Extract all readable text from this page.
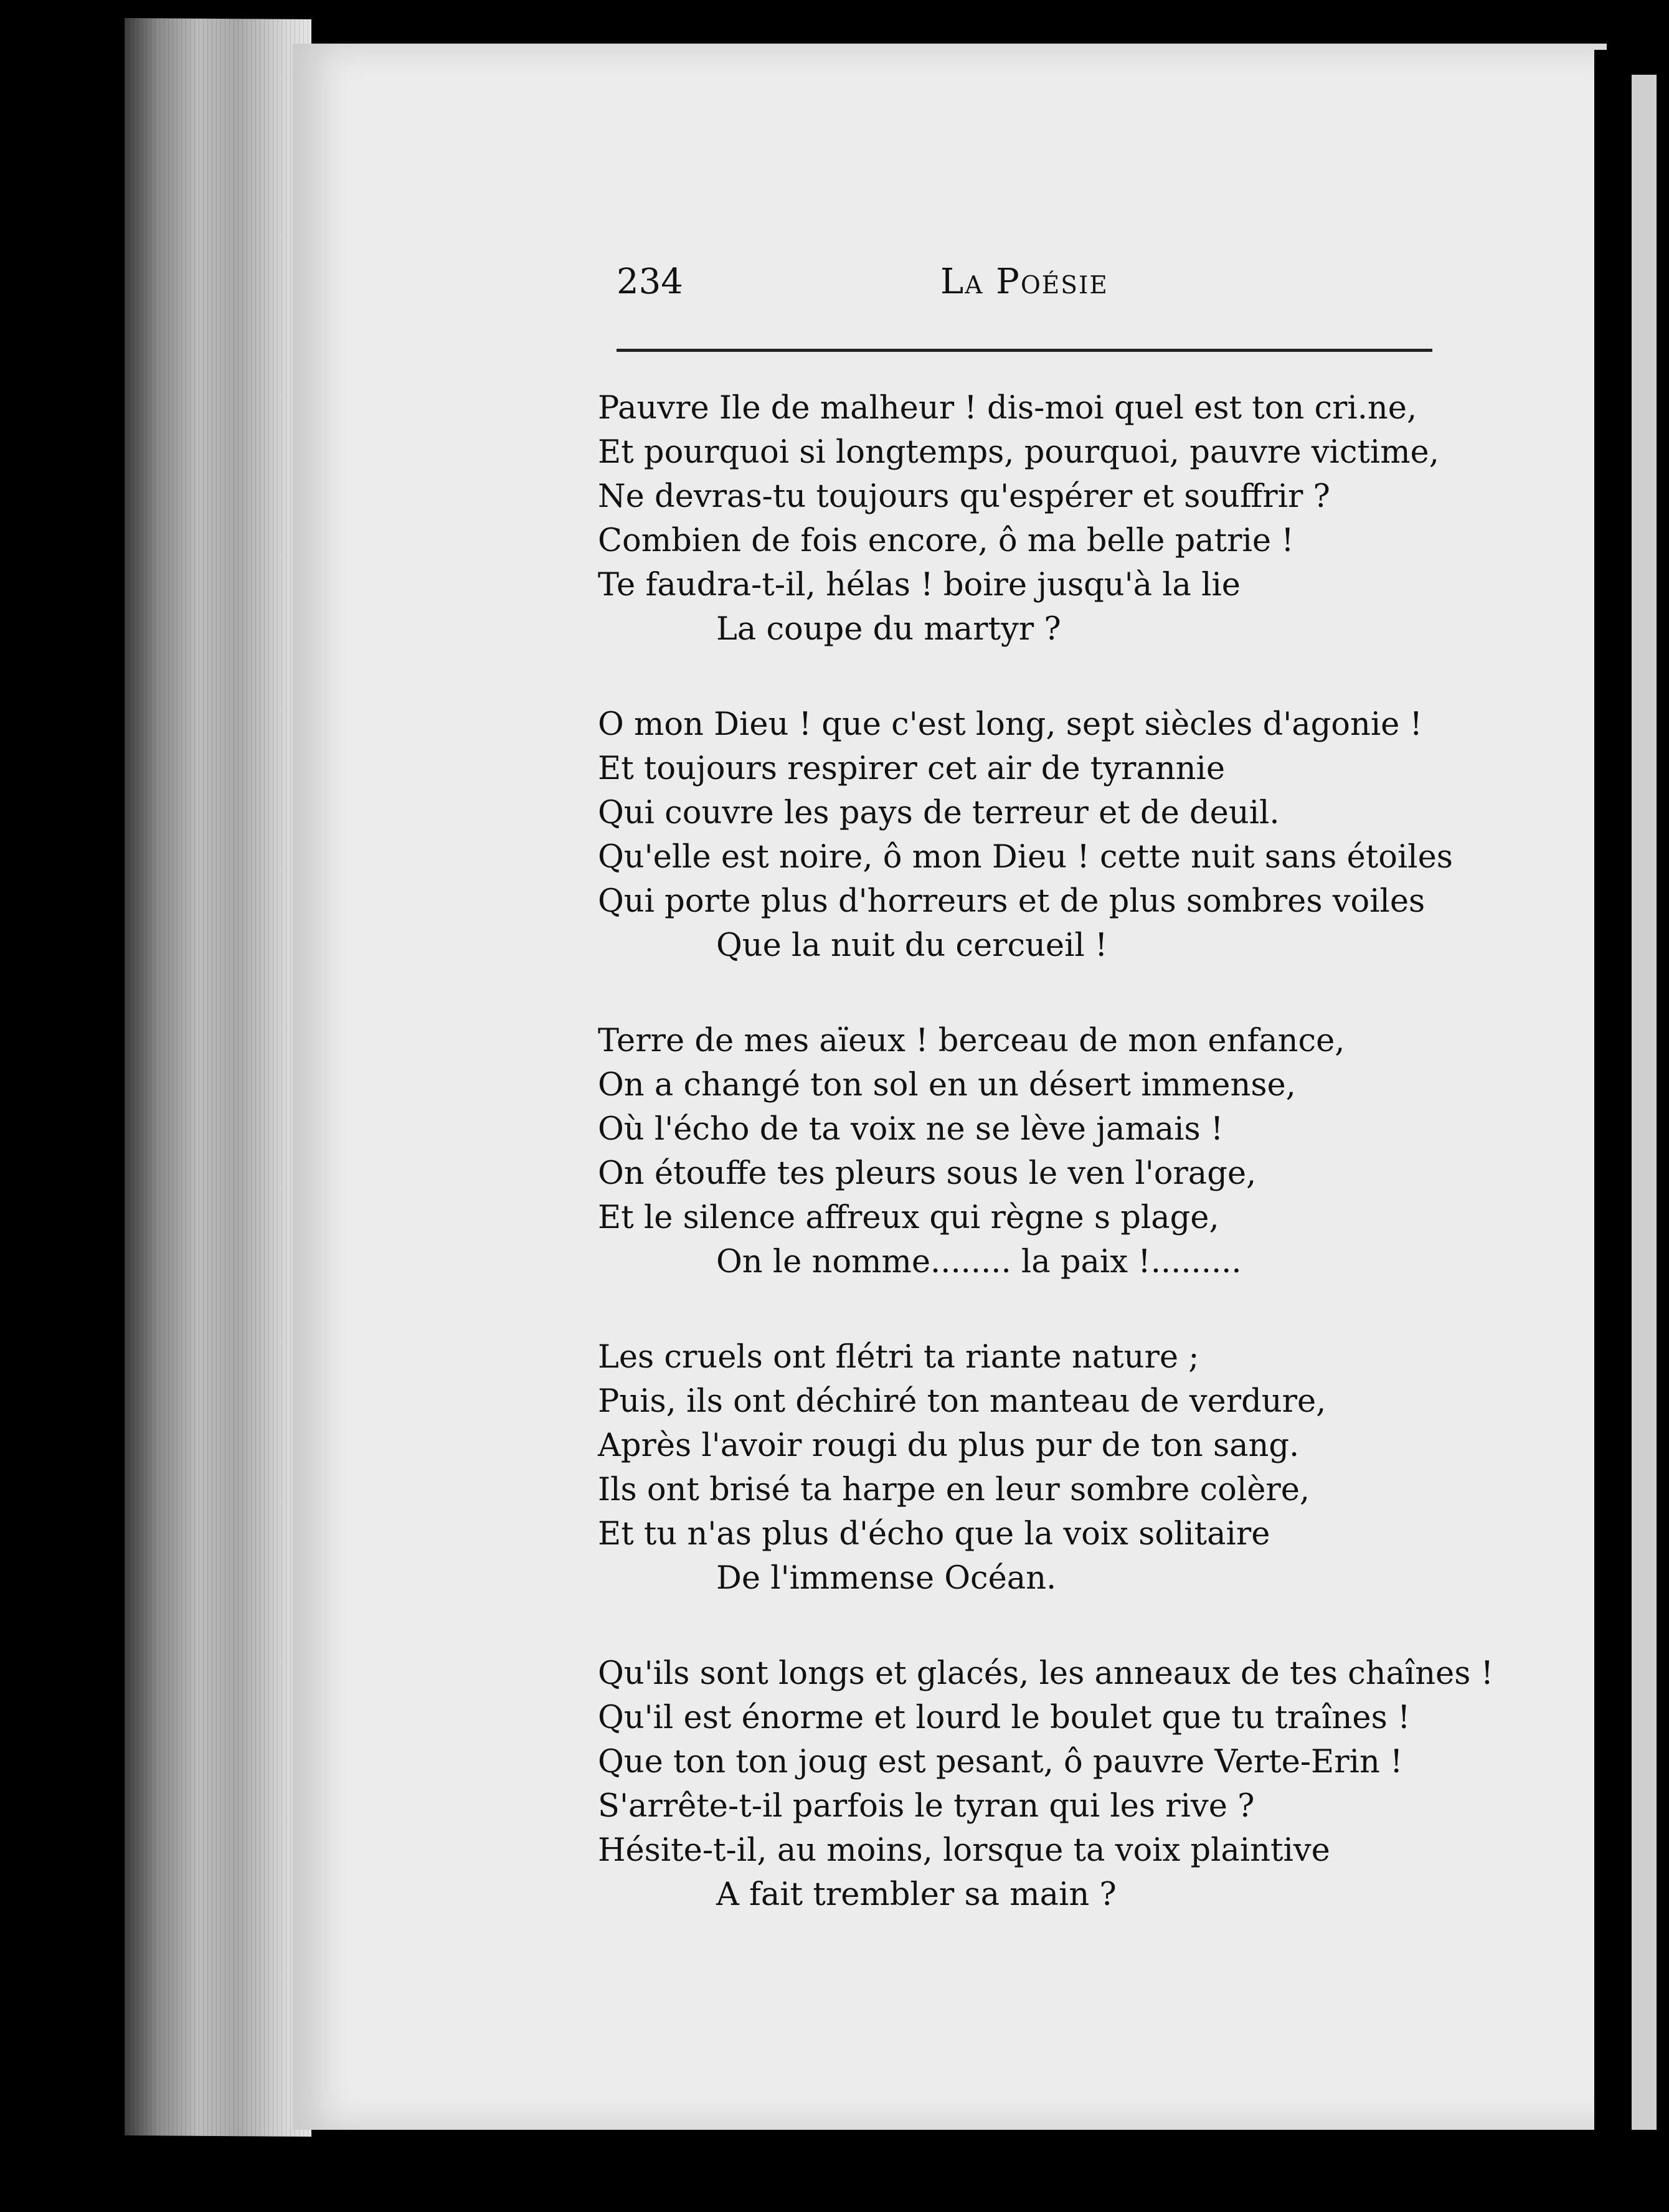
234	La Poésie
Pauvre Ile de malheur ! dis-moi quel est ton cri.ne,
Et pourquoi si longtemps, pourquoi, pauvre victime,
Ne devras-tu toujours qu'espérer et souffrir ?
Combien de fois encore, ô ma belle patrie !
Te faudra-t-il, hélas ! boire jusqu'à la lie
La coupe du martyr ?
O mon Dieu ! que c'est long, sept siècles d'agonie !
Et toujours respirer cet air de tyrannie
Qui couvre les pays de terreur et de deuil.
Qu'elle est noire, ô mon Dieu ! cette nuit sans étoiles
Qui porte plus d'horreurs et de plus sombres voiles
Que la nuit du cercueil !
Terre de mes aïeux ! berceau de mon enfance,
On a changé ton sol en un désert immense,
Où l'écho de ta voix ne se lève jamais !
On étouffe tes pleurs sous le ven l'orage,
Et le silence affreux qui règne s plage,
On le nomme........ la paix !.........
Les cruels ont flétri ta riante nature ;
Puis, ils ont déchiré ton manteau de verdure,
Après l'avoir rougi du plus pur de ton sang.
Ils ont brisé ta harpe en leur sombre colère,
Et tu n'as plus d'écho que la voix solitaire
De l'immense Océan.
Qu'ils sont longs et glacés, les anneaux de tes chaînes !
Qu'il est énorme et lourd le boulet que tu traînes !
Que ton ton joug est pesant, ô pauvre Verte-Erin !
S'arrête-t-il parfois le tyran qui les rive ?
Hésite-t-il, au moins, lorsque ta voix plaintive
A fait trembler sa main ?
